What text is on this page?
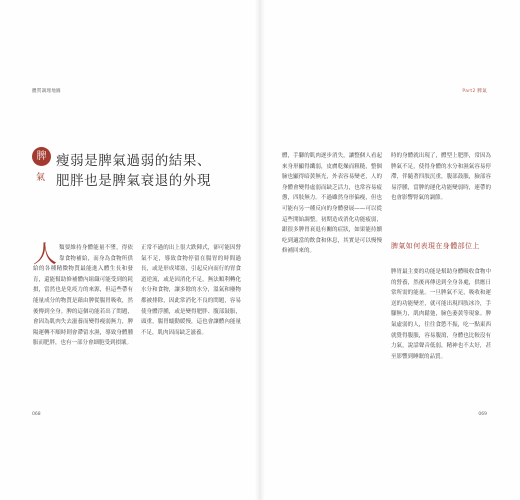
體質調理地圖	Part2 脾氣
脾
氣
瘦弱是脾氣過弱的結果、
肥胖也是脾氣衰退的外現
人 類要維持身體能量不墜，得依靠食物補給，而身為食物所供給的各種精微物質最能進入體生長和發育，還能幫助修補體內組織可能受到的耗損，當然也是免疫力的來源，但這些帶有能量成分的物質是藉由脾從腸胃吸收，然後傳到全身。脾的這個功能若出了問題，會因為肌肉失去滋養而變得瘦弱無力，脾陽運轉不順時則會滯留水濕，導致身體腫脹而肥胖，也有一部分會細胞受到損壞。
正常不過的出上很大跌陣式，卻可能因營氣不足，導致食物停留在腸胃的時間過長，或是形成堵塞，引起反向而行的胃食道逆流，或是因消化不足，無法順利轉化水分和食物，讓多餘的水分，溫氣和廢物都被排除，因此常消化不良的問題，容易使身體浮腫，或是變得肥胖、腹部鼓脹，頭重，腸胃蠕動緩慢，這也會讓體內能量不足，肌肉因而缺乏滋養。
體，手腳的肌肉逐步消失，讓整個人看起來身形顯得纖弱，皮膚乾燥而粗糙，整個臉也顯得暗黃無光，外表容易變老，人的身體會變得虛弱而缺乏活力，也常容易疲憊，四肢無力。不過雖然身形偏瘦，但也可能有另一種反向的身體發展——可以從這些開始調整。初期造成消化功能疲弱，跟很多脾胃衰退有關的症狀，如果能持續吃到適當的飲食和休息，其實是可以慢慢修補回來的。
時的身體就出現了，體型上肥胖，常因為脾氣不足，使得身體的水分和濕氣容易停滯，伴隨著四肢沉重，腹部鼓脹，臉部容易浮腫，當脾的運化功能變弱時，連帶的也會影響腎氣的調節。
脾氣如何表現在身體部位上
脾胃最主要的功能是幫助身體吸收食物中的營養，然後再傳送到全身各處，供應日常所需的能量。一旦脾氣不足，吸收和運送的功能變差，就可能出現四肢冰冷，手腳無力，肌肉鬆弛，臉色萎黃等現象。脾氣虛弱的人，往往食慾不振，吃一點東西就覺得腹脹，容易腹瀉，身體也比較沒有力氣，說話聲音低弱，精神也不太好，甚至影響到睡眠的品質。
068	069
